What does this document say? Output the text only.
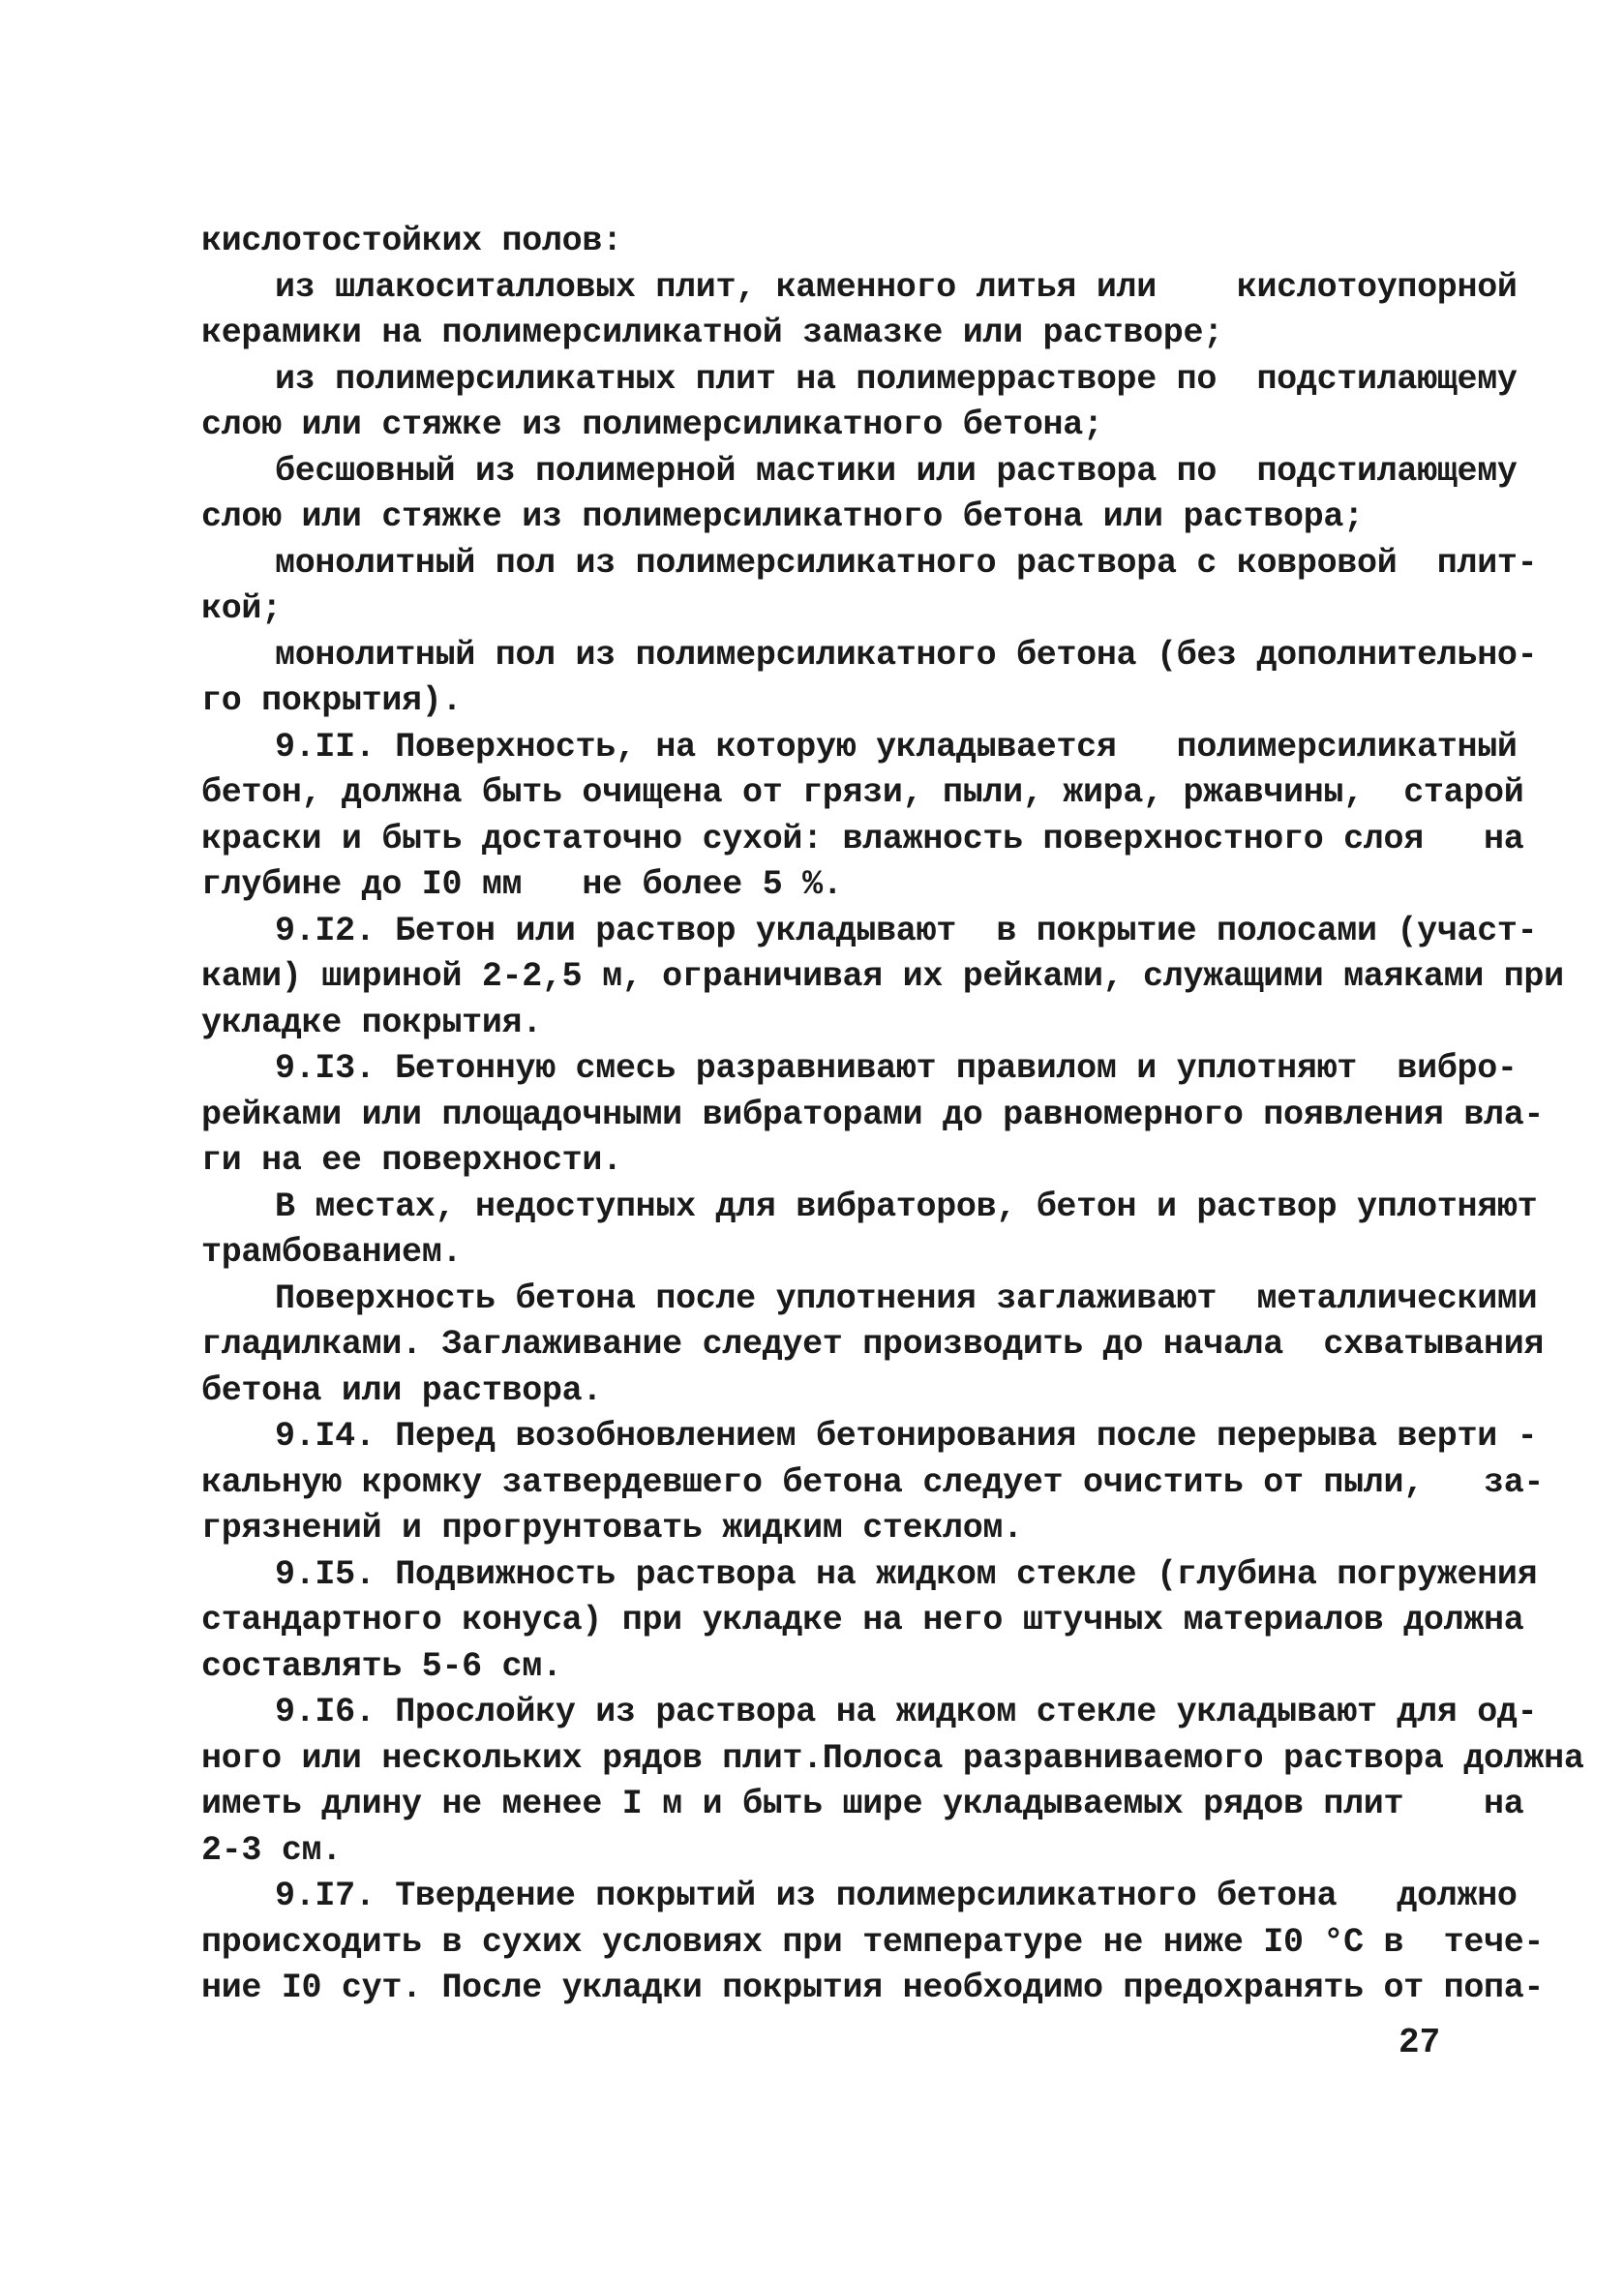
кислотостойких полов:
из шлакоситалловых плит, каменного литья или    кислотоупорной
керамики на полимерсиликатной замазке или растворе;
из полимерсиликатных плит на полимеррастворе по  подстилающему
слою или стяжке из полимерсиликатного бетона;
бесшовный из полимерной мастики или раствора по  подстилающему
слою или стяжке из полимерсиликатного бетона или раствора;
монолитный пол из полимерсиликатного раствора с ковровой  плит-
кой;
монолитный пол из полимерсиликатного бетона (без дополнительно-
го покрытия).
9.II. Поверхность, на которую укладывается   полимерсиликатный
бетон, должна быть очищена от грязи, пыли, жира, ржавчины,  старой
краски и быть достаточно сухой: влажность поверхностного слоя   на
глубине до I0 мм   не более 5 %.
9.I2. Бетон или раствор укладывают  в покрытие полосами (участ-
ками) шириной 2-2,5 м, ограничивая их рейками, служащими маяками при
укладке покрытия.
9.I3. Бетонную смесь разравнивают правилом и уплотняют  вибро-
рейками или площадочными вибраторами до равномерного появления вла-
ги на ее поверхности.
В местах, недоступных для вибраторов, бетон и раствор уплотняют
трамбованием.
Поверхность бетона после уплотнения заглаживают  металлическими
гладилками. Заглаживание следует производить до начала  схватывания
бетона или раствора.
9.I4. Перед возобновлением бетонирования после перерыва верти -
кальную кромку затвердевшего бетона следует очистить от пыли,   за-
грязнений и прогрунтовать жидким стеклом.
9.I5. Подвижность раствора на жидком стекле (глубина погружения
стандартного конуса) при укладке на него штучных материалов должна
составлять 5-6 см.
9.I6. Прослойку из раствора на жидком стекле укладывают для од-
ного или нескольких рядов плит.Полоса разравниваемого раствора должна
иметь длину не менее I м и быть шире укладываемых рядов плит    на
2-3 см.
9.I7. Твердение покрытий из полимерсиликатного бетона   должно
происходить в сухих условиях при температуре не ниже I0 °C в  тече-
ние I0 сут. После укладки покрытия необходимо предохранять от попа-
27
